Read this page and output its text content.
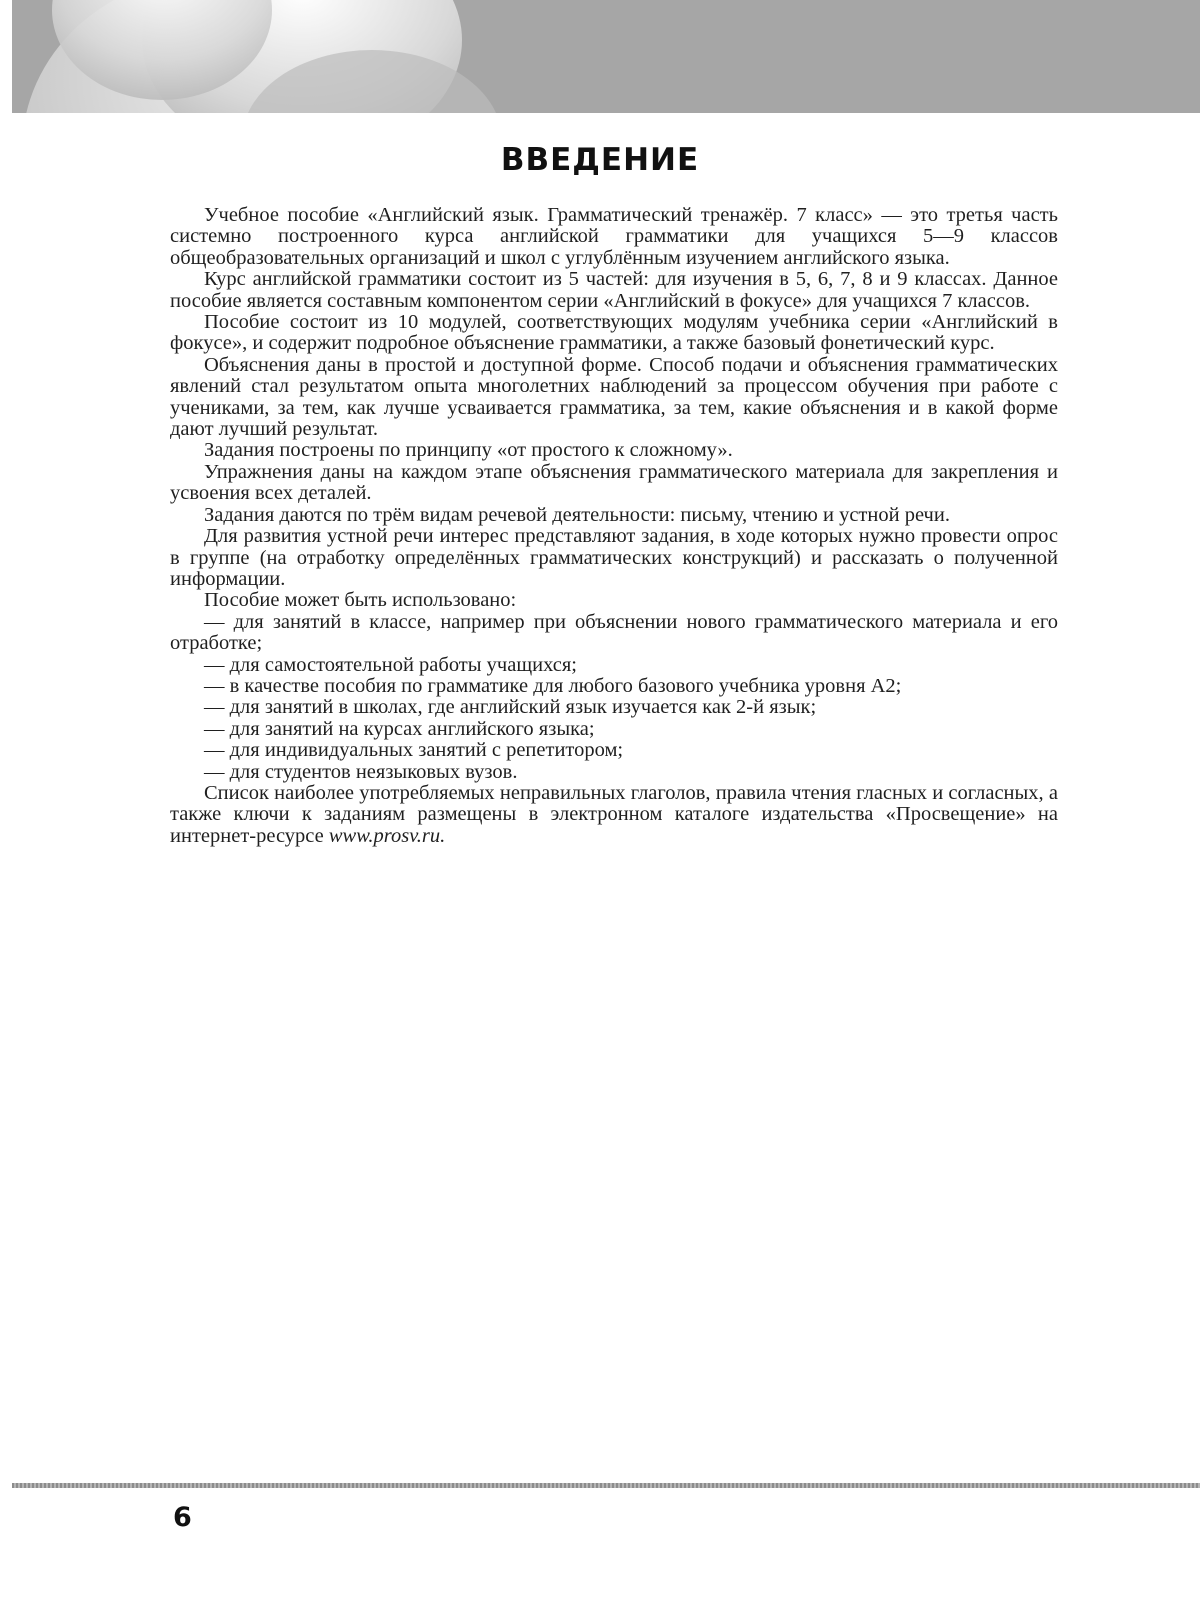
ВВЕДЕНИЕ

Учебное пособие «Английский язык. Грамматический тренажёр. 7 класс» — это третья часть системно построенного курса английской грамматики для учащихся 5—9 классов общеобразовательных организаций и школ с углублённым изучением английского языка.

Курс английской грамматики состоит из 5 частей: для изучения в 5, 6, 7, 8 и 9 классах. Данное пособие является составным компонентом серии «Английский в фокусе» для учащихся 7 классов.

Пособие состоит из 10 модулей, соответствующих модулям учебника серии «Английский в фокусе», и содержит подробное объяснение грамматики, а также базовый фонетический курс.

Объяснения даны в простой и доступной форме. Способ подачи и объяснения грамматических явлений стал результатом опыта многолетних наблюдений за процессом обучения при работе с учениками, за тем, как лучше усваивается грамматика, за тем, какие объяснения и в какой форме дают лучший результат.

Задания построены по принципу «от простого к сложному».

Упражнения даны на каждом этапе объяснения грамматического материала для закрепления и усвоения всех деталей.

Задания даются по трём видам речевой деятельности: письму, чтению и устной речи.

Для развития устной речи интерес представляют задания, в ходе которых нужно провести опрос в группе (на отработку определённых грамматических конструкций) и рассказать о полученной информации.

Пособие может быть использовано:

— для занятий в классе, например при объяснении нового грамматического материала и его отработке;

— для самостоятельной работы учащихся;

— в качестве пособия по грамматике для любого базового учебника уровня А2;

— для занятий в школах, где английский язык изучается как 2-й язык;

— для занятий на курсах английского языка;

— для индивидуальных занятий с репетитором;

— для студентов неязыковых вузов.

Список наиболее употребляемых неправильных глаголов, правила чтения гласных и согласных, а также ключи к заданиям размещены в электронном каталоге издательства «Просвещение» на интернет-ресурсе www.prosv.ru.

6
